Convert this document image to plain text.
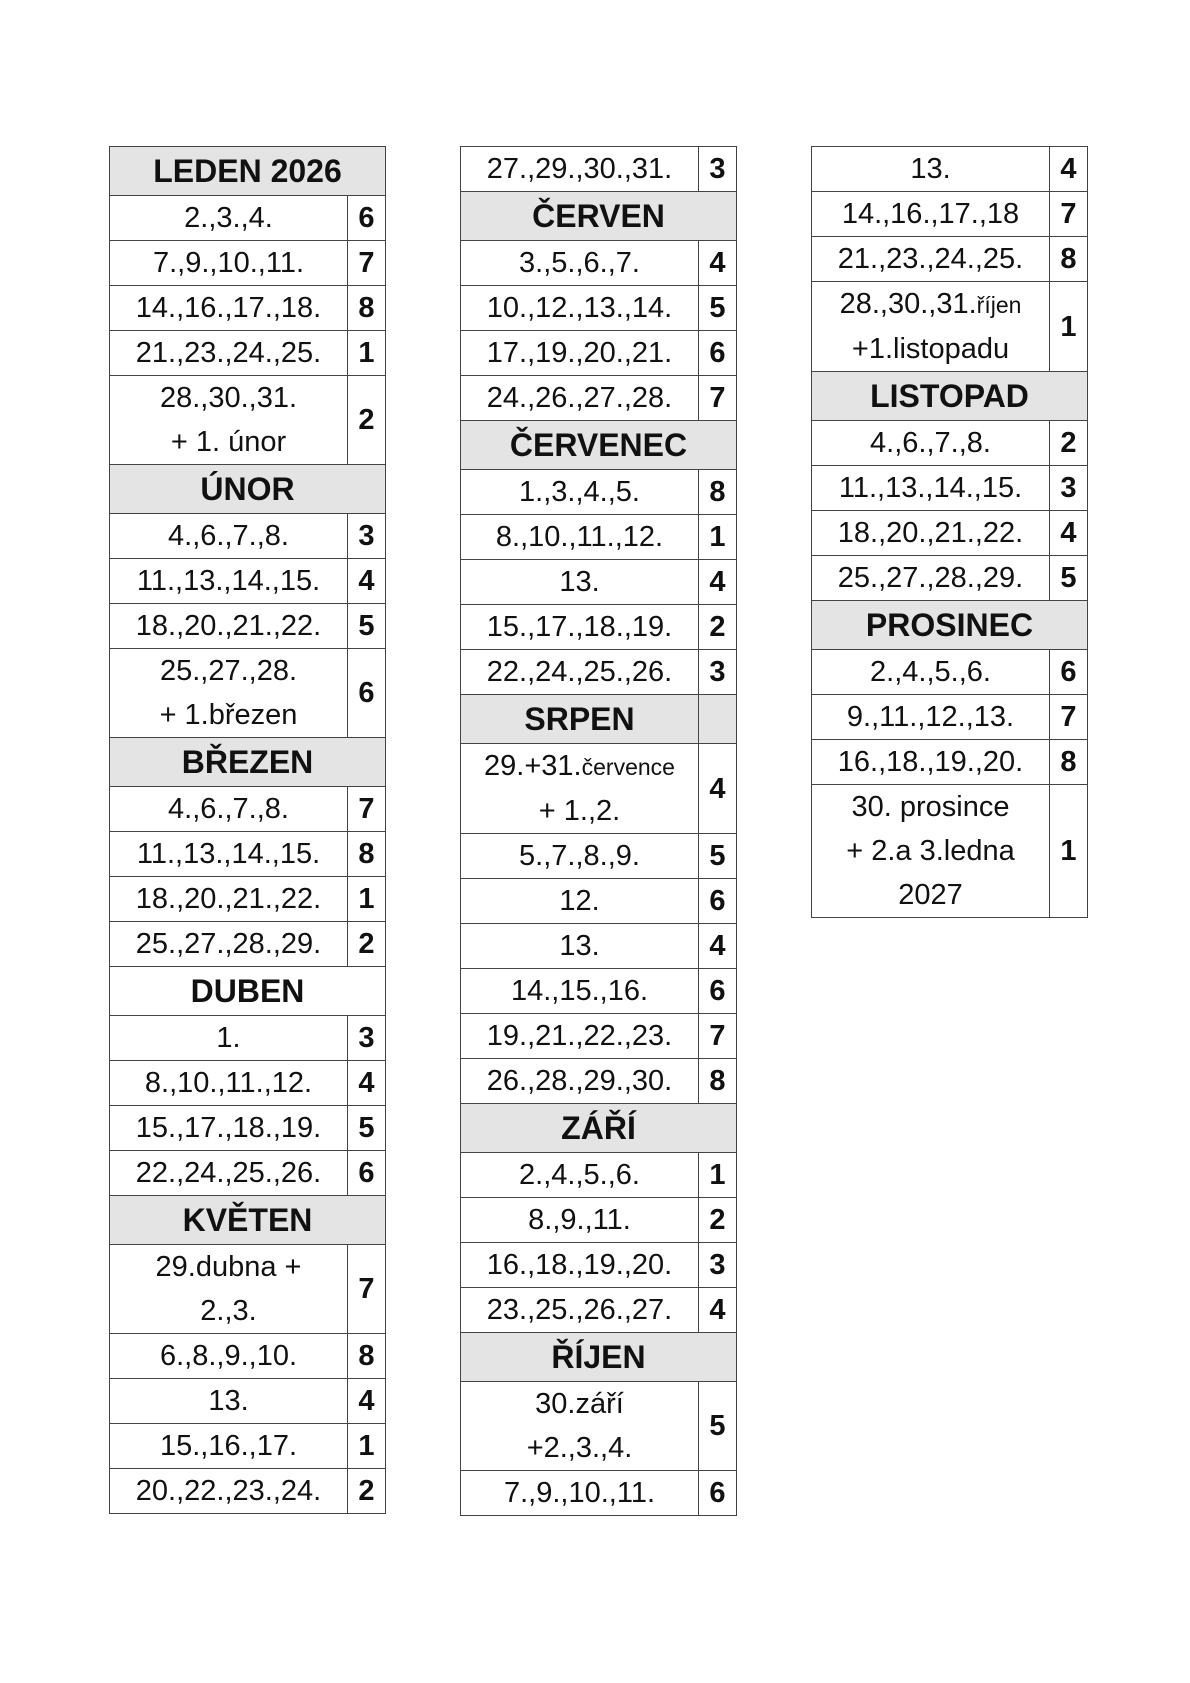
LEDEN 2026	
2.,3.,4.	6
7.,9.,10.,11.	7
14.,16.,17.,18.	8
21.,23.,24.,25.	1

28.,30.,31.
+ 1. únor	2
ÚNOR	
4.,6.,7.,8.	3
11.,13.,14.,15.	4
18.,20.,21.,22.	5

25.,27.,28.
+ 1.březen	6
BŘEZEN	
4.,6.,7.,8.	7
11.,13.,14.,15.	8
18.,20.,21.,22.	1
25.,27.,28.,29.	2
DUBEN	
1.	3
8.,10.,11.,12.	4
15.,17.,18.,19.	5
22.,24.,25.,26.	6
KVĚTEN	

29.dubna +
2.,3.	7
6.,8.,9.,10.	8
13.	4
15.,16.,17.	1
20.,22.,23.,24.	2
27.,29.,30.,31.	3
ČERVEN	
3.,5.,6.,7.	4
10.,12.,13.,14.	5
17.,19.,20.,21.	6
24.,26.,27.,28.	7
ČERVENEC	
1.,3.,4.,5.	8
8.,10.,11.,12.	1
13.	4
15.,17.,18.,19.	2
22.,24.,25.,26.	3
SRPEN	

29.+31.července
+ 1.,2.	4
5.,7.,8.,9.	5
12.	6
13.	4
14.,15.,16.	6
19.,21.,22.,23.	7
26.,28.,29.,30.	8
ZÁŘÍ	
2.,4.,5.,6.	1
8.,9.,11.	2
16.,18.,19.,20.	3
23.,25.,26.,27.	4
ŘÍJEN	

30.září
+2.,3.,4.	5
7.,9.,10.,11.	6
13.	4
14.,16.,17.,18	7
21.,23.,24.,25.	8

28.,30.,31.říjen
+1.listopadu	1
LISTOPAD	
4.,6.,7.,8.	2
11.,13.,14.,15.	3
18.,20.,21.,22.	4
25.,27.,28.,29.	5
PROSINEC	
2.,4.,5.,6.	6
9.,11.,12.,13.	7
16.,18.,19.,20.	8

30. prosince
+ 2.a 3.ledna
2027	1
